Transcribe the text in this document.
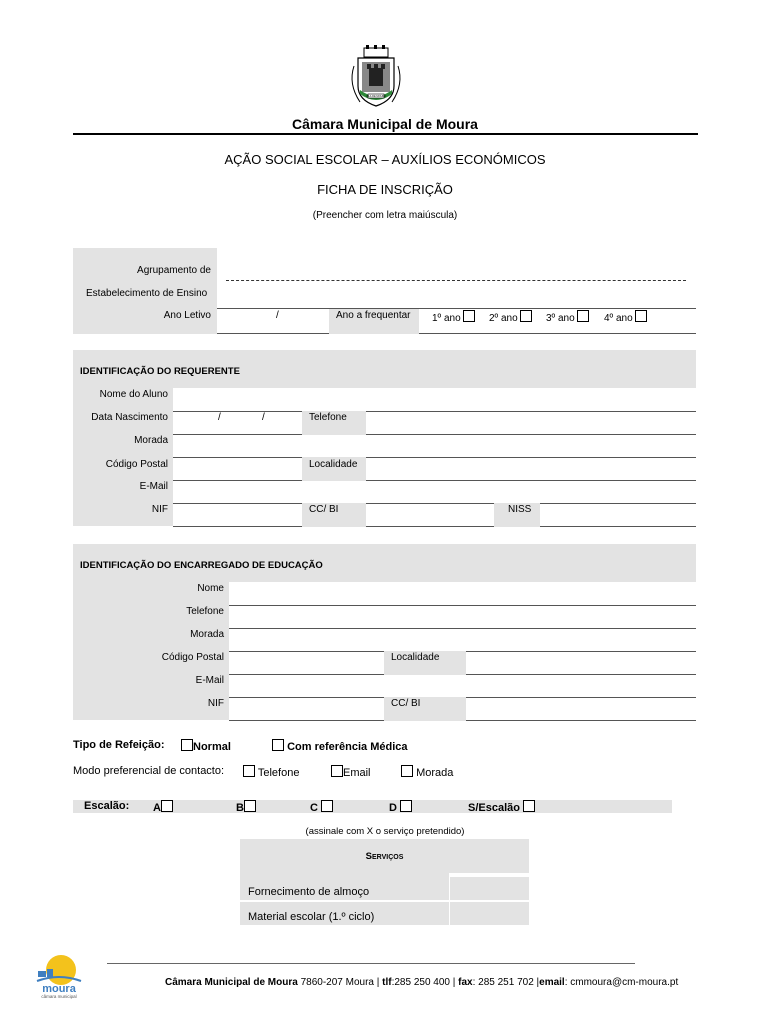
VILA DE MOURA
Câmara Municipal de Moura
AÇÃO SOCIAL ESCOLAR – AUXÍLIOS ECONÓMICOS
FICHA DE INSCRIÇÃO
(Preencher com letra maiúscula)
Agrupamento de
Estabelecimento de Ensino
Ano Letivo	/	Ano a frequentar 1º ano	2º ano	3º ano	4º ano
IDENTIFICAÇÃO DO REQUERENTE
Nome do Aluno
Data Nascimento	/	/	Telefone
Morada
Código Postal	Localidade
E-Mail
NIF	CC/ BI	NISS
IDENTIFICAÇÃO DO ENCARREGADO DE EDUCAÇÃO
Nome
Telefone
Morada
Código Postal	Localidade
E-Mail
NIF	CC/ BI
Tipo de Refeição:	Normal	Com referência Médica
Modo preferencial de contacto:	Telefone	Email	Morada
Escalão: A	B	C	D	S/Escalão
(assinale com X o serviço pretendido)
Serviços
Fornecimento de almoço
Material escolar (1.º ciclo)
moura
câmara municipal
Câmara Municipal de Moura 7860-207 Moura | tlf:285 250 400 | fax: 285 251 702 |email: cmmoura@cm-moura.pt
